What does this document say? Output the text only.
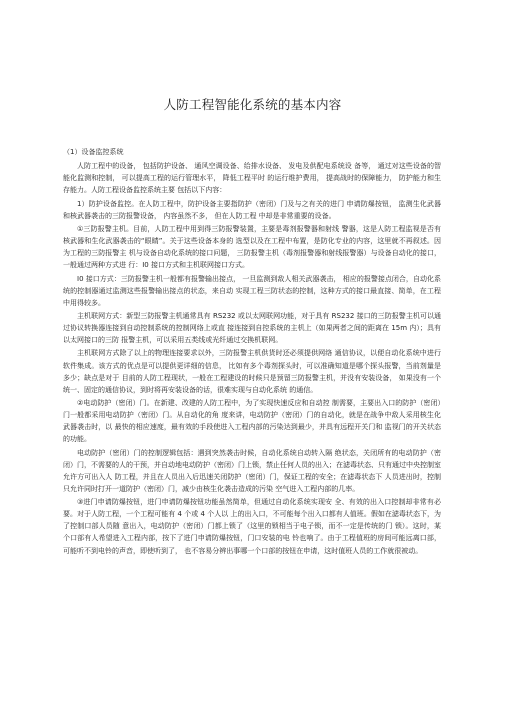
人防工程智能化系统的基本内容

（1）设备监控系统

人防工程中的设备， 包括防护设备、 通风空调设备、给排水设备、 发电及供配电系统设 备等， 通过对这些设备的智能化监测和控制， 可以提高工程的运行管理水平， 降低工程平时 的运行维护费用， 提高战时的保障能力， 防护能力和生存能力。人防工程设备监控系统主要 包括以下内容：

1）防护设备监控。在人防工程中，防护设备主要指防护（密闭）门及与之有关的进门 申请防爆按钮， 监测生化武器和核武器袭击的三防报警设备， 内容虽然不多， 但在人防工程 中却是非常重要的设备。

①三防报警主机。目前，人防工程中用到得三防报警装置，主要是毒剂报警器和射线 警器，这是人防工程监视是否有核武器和生化武器袭击的“眼睛”。关于这些设备本身的 选型以及在工程中布置，是防化专业的内容，这里就不再叙述。因为工程的三防报警主 机与设备自动化系统的接口问题， 三防报警主机（毒剂报警器和射线报警器）与设备自动化的接口，一般通过两种方式进 行：I0 接口方式和主机联网接口方式。

I0 接口方式：三防报警主机一般都有报警输出接点， 一旦监测到敌人相关武器袭击， 相应的报警接点闭合，自动化系统的控制器通过监测这些报警输出接点的状态，来自动 实现工程三防状态的控制，这种方式的接口最直接、简单，在工程中用得较多。

主机联网方式：新型三防报警主机通常具有 RS232 或以太网联网功能，对于具有 RS232 接口的三防报警主机可以通过协议转换器连接到自动控制系统的控制网络上或直 接连接到自控系统的主机上（如果两者之间的距离在 15m 内）；具有以太网接口的三防 报警主机，可以采用五类线或光纤通过交换机联网。

主机联网方式除了以上的物理连接要求以外，三防报警主机供货时还必须提供网络 通信协议，以便自动化系统中进行软件集成。该方式的优点是可以提供更详细的信息， 比如有多个毒剂探头时，可以准确知道是哪个探头报警，当前剂量是多少；缺点是对于 目前的人防工程现状，一般在工程建设的时候只是预留三防报警主机，并没有安装设备， 如果没有一个统一、固定的通信协议，到时将再安装设备的话，很难实现与自动化系统 的通信。

②电动防护（密闭）门。在新建、改建的人防工程中，为了实现快速反应和自动控 制需要，主要出入口的防护（密闭）门一般都采用电动防护（密闭）门。从自动化的角 度来讲，电动防护（密闭）门的自动化，就是在战争中敌人采用核生化武器袭击时，以 最快的相应速度，最有效的手段使进入工程内部的污染达到最少，并具有远程开关门和 监视门的开关状态的功能。

电动防护（密闭）门的控制逻辑包括：遇到突然袭击时候，自动化系统自动转入隔 绝状态，关闭所有的电动防护（密闭）门，不需要的人的干预，并自动地电动防护（密闭）门上锁，禁止任何人员的出入；在滤毒状态、只有通过中央控制室允许方可出入人 防工程，并且在人员出入后迅速关闭防护（密闭）门，保证工程的安全；在滤毒状态下 人员进出时，控制只允许同时打开一道防护（密闭）门，减少由核生化袭击造成的污染 空气进入工程内部的几率。

③进门申请防爆按钮，进门申请防爆按钮功能虽然简单，但通过自动化系统实现安 全、有效的出入口控制却非常有必要。对于人防工程，一个工程可能有 4 个或 4 个人以 上的出入口，不可能每个出入口都有人值班。假如在滤毒状态下，为了控制口部人员随 意出入，电动防护（密闭）门都上锁了（这里的锁相当于电子锁，而不一定是传统的门 锁）。这时，某个口部有人希望进入工程内部，按下了进门申请防爆按钮，门口安装的电 铃也响了。由于工程值班的房间可能远离口部，可能听不到电铃的声音，即使听到了， 也不容易分辨出事哪一个口部的按钮在申请，这时值班人员的工作就很被动。
